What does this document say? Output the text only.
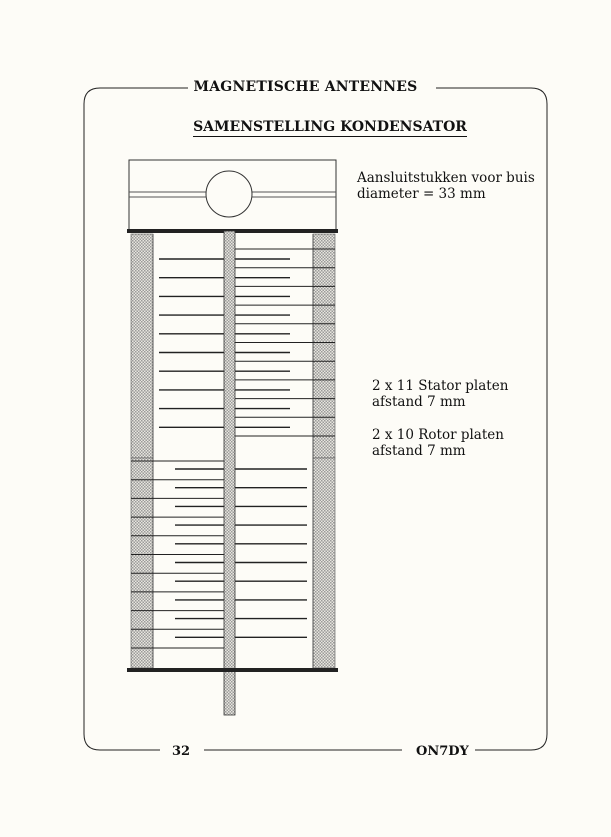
MAGNETISCHE ANTENNES
SAMENSTELLING KONDENSATOR
Aansluitstukken voor buis
diameter = 33 mm
2 x 11 Stator platen
afstand 7 mm
2 x 10 Rotor platen
afstand 7 mm
32	ON7DY
